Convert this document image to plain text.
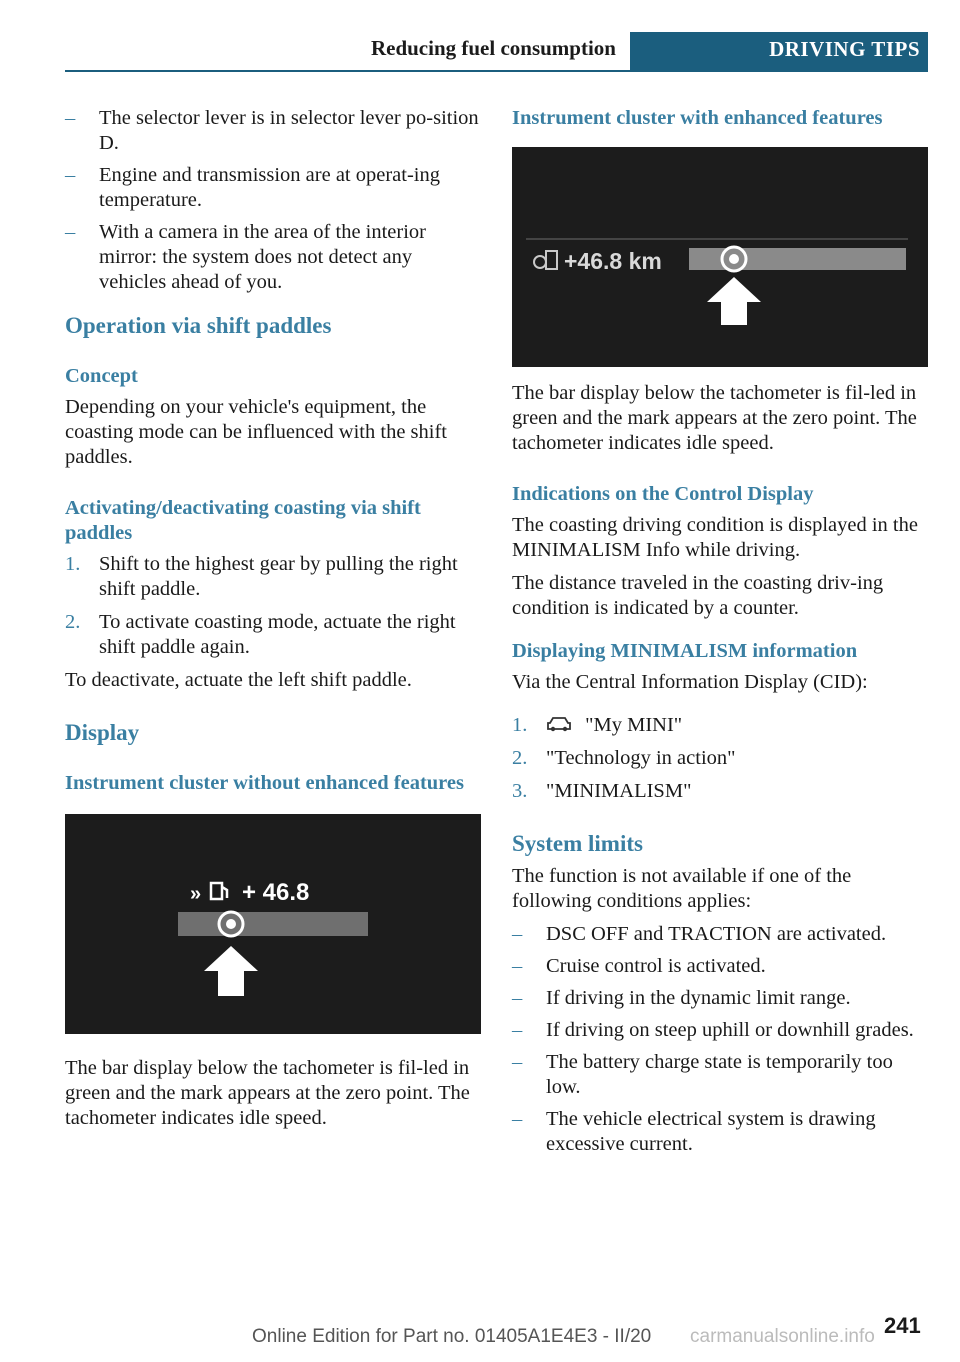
Reducing fuel consumption	DRIVING TIPS
– The selector lever is in selector lever po-sition D.
– Engine and transmission are at operat-ing temperature.
– With a camera in the area of the interior mirror: the system does not detect any vehicles ahead of you.
Operation via shift paddles
Concept

Depending on your vehicle's equipment, the coasting mode can be influenced with the shift paddles.

Activating/deactivating coasting via shift paddles
1. Shift to the highest gear by pulling the right shift paddle.
2. To activate coasting mode, actuate the right shift paddle again.

To deactivate, actuate the left shift paddle.

Display
Instrument cluster without enhanced features
» + 46.8

The bar display below the tachometer is fil-led in green and the mark appears at the zero point. The tachometer indicates idle speed.

Instrument cluster with enhanced features
+46.8 km

The bar display below the tachometer is fil-led in green and the mark appears at the zero point. The tachometer indicates idle speed.

Indications on the Control Display

The coasting driving condition is displayed in the MINIMALISM Info while driving.

The distance traveled in the coasting driv-ing condition is indicated by a counter.

Displaying MINIMALISM information

Via the Central Information Display (CID):

1.	"My MINI"
2. "Technology in action"
3. "MINIMALISM"
System limits

The function is not available if one of the following conditions applies:

– DSC OFF and TRACTION are activated.
– Cruise control is activated.
– If driving in the dynamic limit range.
– If driving on steep uphill or downhill grades.
– The battery charge state is temporarily too low.
– The vehicle electrical system is drawing excessive current.
241
Online Edition for Part no. 01405A1E4E3 - II/20 carmanualsonline.info
